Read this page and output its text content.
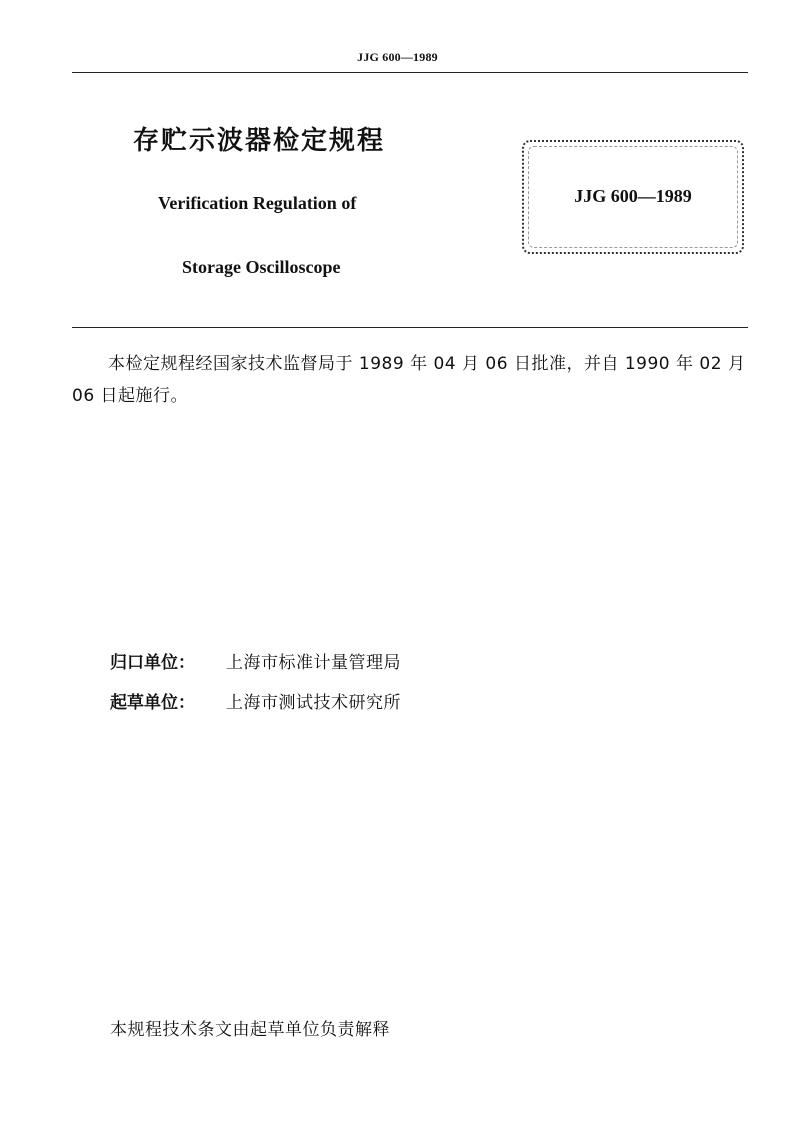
JJG 600—1989
存贮示波器检定规程
Verification Regulation of
Storage Oscilloscope
JJG 600—1989
本检定规程经国家技术监督局于 1989 年 04 月 06 日批准，并自 1990 年 02 月 06 日起施行。
归口单位： 上海市标准计量管理局
起草单位： 上海市测试技术研究所
本规程技术条文由起草单位负责解释
